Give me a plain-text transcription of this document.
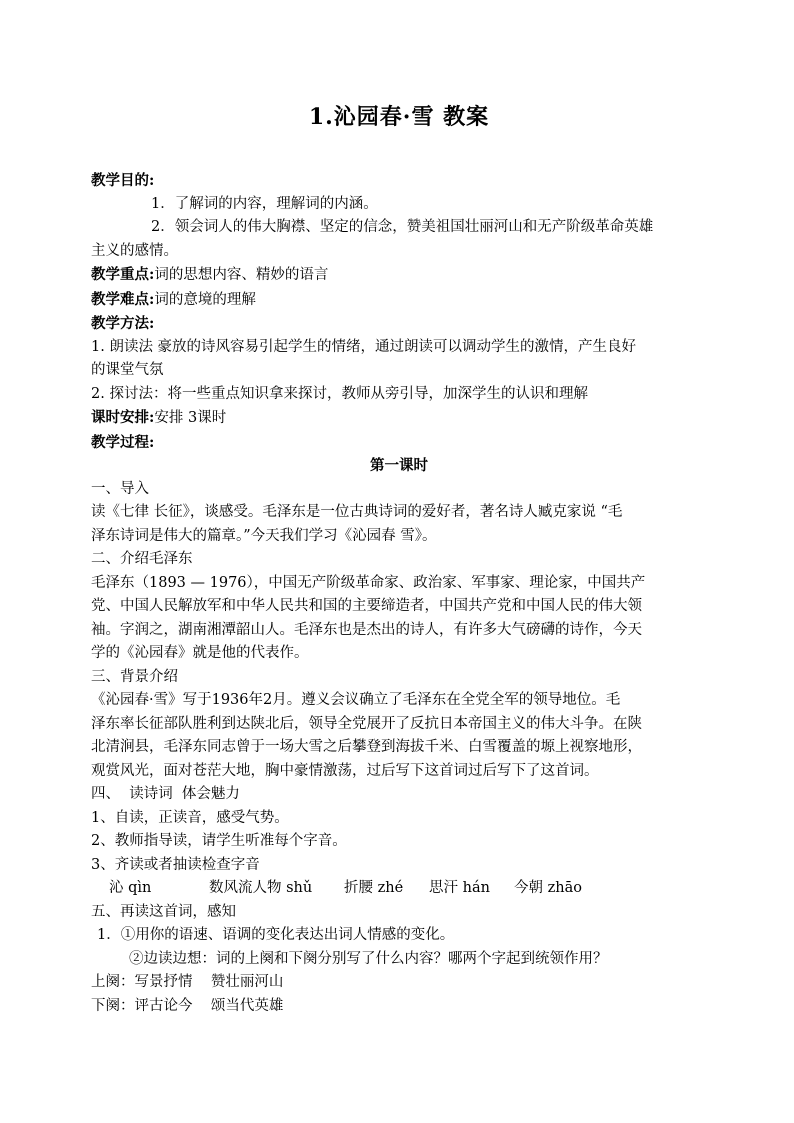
1.沁园春·雪 教案

教学目的:

1．了解词的内容，理解词的内涵。

2．领会词人的伟大胸襟、坚定的信念，赞美祖国壮丽河山和无产阶级革命英雄

主义的感情。

教学重点:词的思想内容、精妙的语言

教学难点:词的意境的理解

教学方法:

1. 朗读法 豪放的诗风容易引起学生的情绪，通过朗读可以调动学生的激情，产生良好

的课堂气氛

2. 探讨法：将一些重点知识拿来探讨，教师从旁引导，加深学生的认识和理解

课时安排:安排 3课时

教学过程:

第一课时

一、导入

读《七律 长征》，谈感受。毛泽东是一位古典诗词的爱好者，著名诗人臧克家说 “毛

泽东诗词是伟大的篇章。”今天我们学习《沁园春 雪》。

二、介绍毛泽东

毛泽东（1893 — 1976），中国无产阶级革命家、政治家、军事家、理论家，中国共产

党、中国人民解放军和中华人民共和国的主要缔造者，中国共产党和中国人民的伟大领

袖。字润之，湖南湘潭韶山人。毛泽东也是杰出的诗人，有许多大气磅礴的诗作，今天

学的《沁园春》就是他的代表作。

三、背景介绍

《沁园春·雪》写于1936年2月。遵义会议确立了毛泽东在全党全军的领导地位。毛

泽东率长征部队胜利到达陕北后，领导全党展开了反抗日本帝国主义的伟大斗争。在陕

北清涧县，毛泽东同志曾于一场大雪之后攀登到海拔千米、白雪覆盖的塬上视察地形，

观赏风光，面对苍茫大地，胸中豪情激荡，过后写下这首词过后写下了这首词。

四、  读诗词  体会魅力

1、自读，正读音，感受气势。

2、教师指导读，请学生听准每个字音。

3、齐读或者抽读检查字音

沁 qìn	数风流人物 shǔ	折腰 zhé	思汗 hán	今朝 zhāo

五、再读这首词，感知

1．①用你的语速、语调的变化表达出词人情感的变化。

②边读边想：词的上阕和下阕分别写了什么内容？哪两个字起到统领作用？

上阕：写景抒情    赞壮丽河山

下阕：评古论今    颂当代英雄
